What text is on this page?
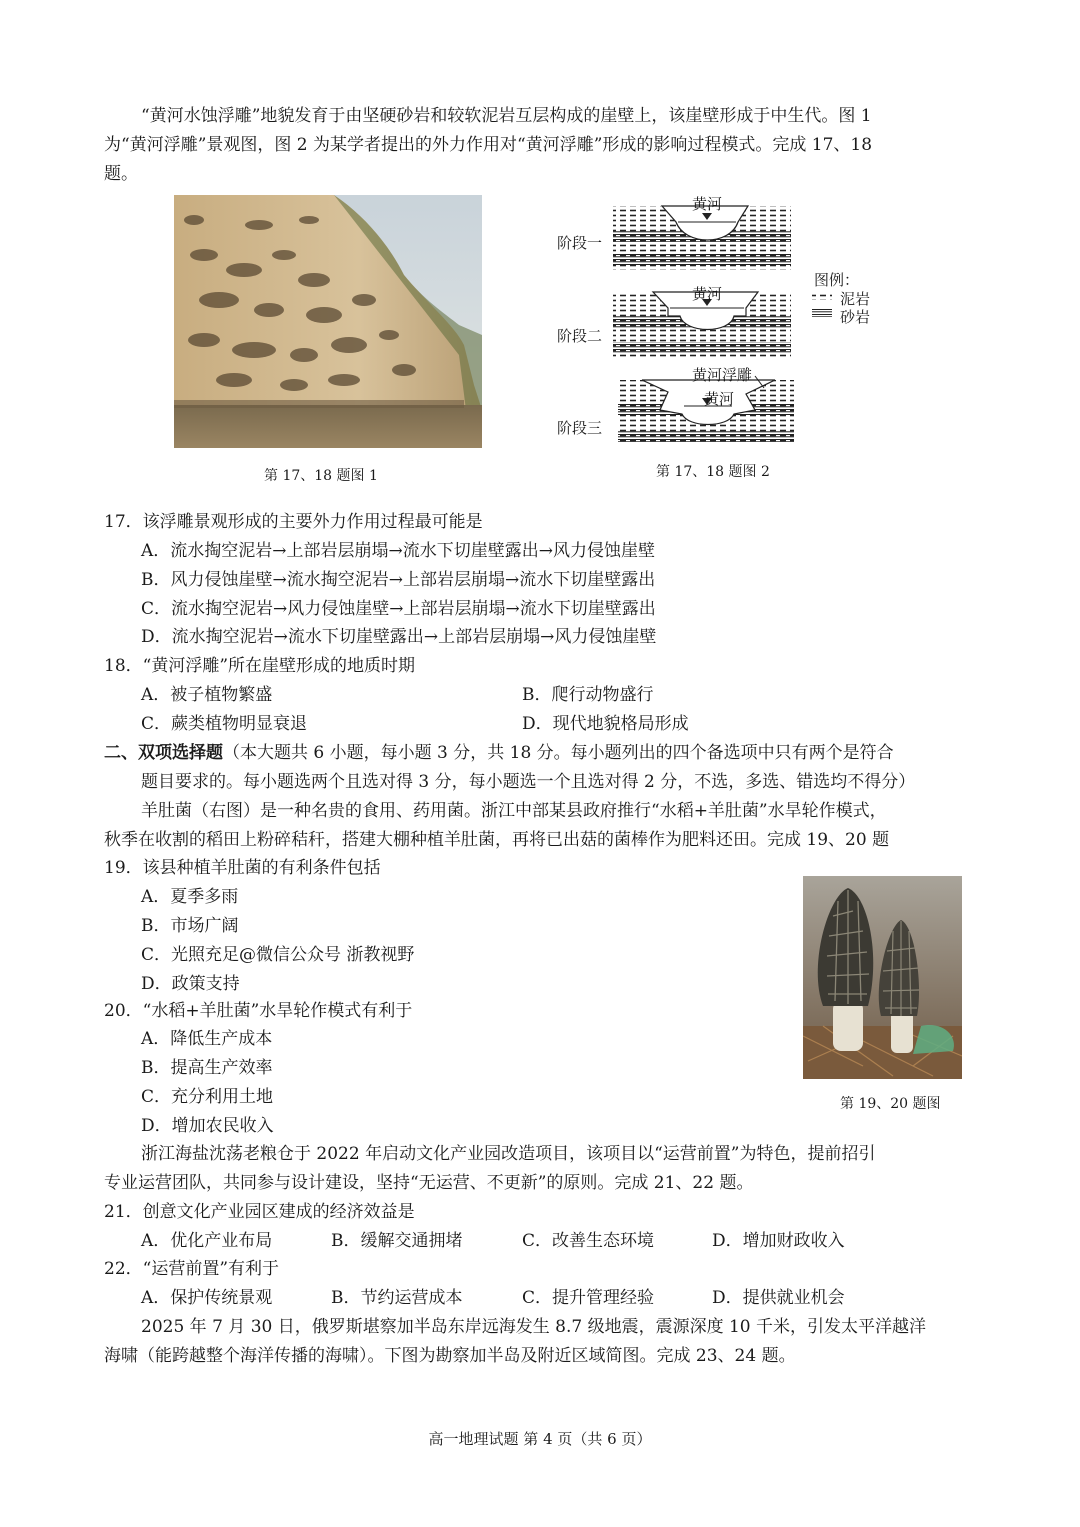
“黄河水蚀浮雕”地貌发育于由坚硬砂岩和较软泥岩互层构成的崖壁上，该崖壁形成于中生代。图 1
为“黄河浮雕”景观图，图 2 为某学者提出的外力作用对“黄河浮雕”形成的影响过程模式。完成 17、18
题。
第 17、18 题图 1
黄河
黄河
黄河浮雕
黄河
阶段一
阶段二
阶段三
图例：
泥岩
砂岩
第 17、18 题图 2
17．该浮雕景观形成的主要外力作用过程最可能是
A．流水掏空泥岩→上部岩层崩塌→流水下切崖壁露出→风力侵蚀崖壁
B．风力侵蚀崖壁→流水掏空泥岩→上部岩层崩塌→流水下切崖壁露出
C．流水掏空泥岩→风力侵蚀崖壁→上部岩层崩塌→流水下切崖壁露出
D．流水掏空泥岩→流水下切崖壁露出→上部岩层崩塌→风力侵蚀崖壁
18．“黄河浮雕”所在崖壁形成的地质时期
A．被子植物繁盛	B．爬行动物盛行
C．蕨类植物明显衰退	D．现代地貌格局形成
二、双项选择题（本大题共 6 小题，每小题 3 分，共 18 分。每小题列出的四个备选项中只有两个是符合
题目要求的。每小题选两个且选对得 3 分，每小题选一个且选对得 2 分，不选，多选、错选均不得分）
羊肚菌（右图）是一种名贵的食用、药用菌。浙江中部某县政府推行“水稻+羊肚菌”水旱轮作模式，
秋季在收割的稻田上粉碎秸秆，搭建大棚种植羊肚菌，再将已出菇的菌棒作为肥料还田。完成 19、20 题
19．该县种植羊肚菌的有利条件包括
A．夏季多雨
B．市场广阔
C．光照充足@微信公众号 浙教视野
D．政策支持
20．“水稻+羊肚菌”水旱轮作模式有利于
A．降低生产成本
B．提高生产效率
C．充分利用土地
D．增加农民收入
第 19、20 题图
浙江海盐沈荡老粮仓于 2022 年启动文化产业园改造项目，该项目以“运营前置”为特色，提前招引
专业运营团队，共同参与设计建设，坚持“无运营、不更新”的原则。完成 21、22 题。
21．创意文化产业园区建成的经济效益是
A．优化产业布局	B．缓解交通拥堵	C．改善生态环境	D．增加财政收入
22．“运营前置”有利于
A．保护传统景观	B．节约运营成本	C．提升管理经验	D．提供就业机会
2025 年 7 月 30 日，俄罗斯堪察加半岛东岸远海发生 8.7 级地震，震源深度 10 千米，引发太平洋越洋
海啸（能跨越整个海洋传播的海啸）。下图为勘察加半岛及附近区域简图。完成 23、24 题。
高一地理试题 第 4 页（共 6 页）
